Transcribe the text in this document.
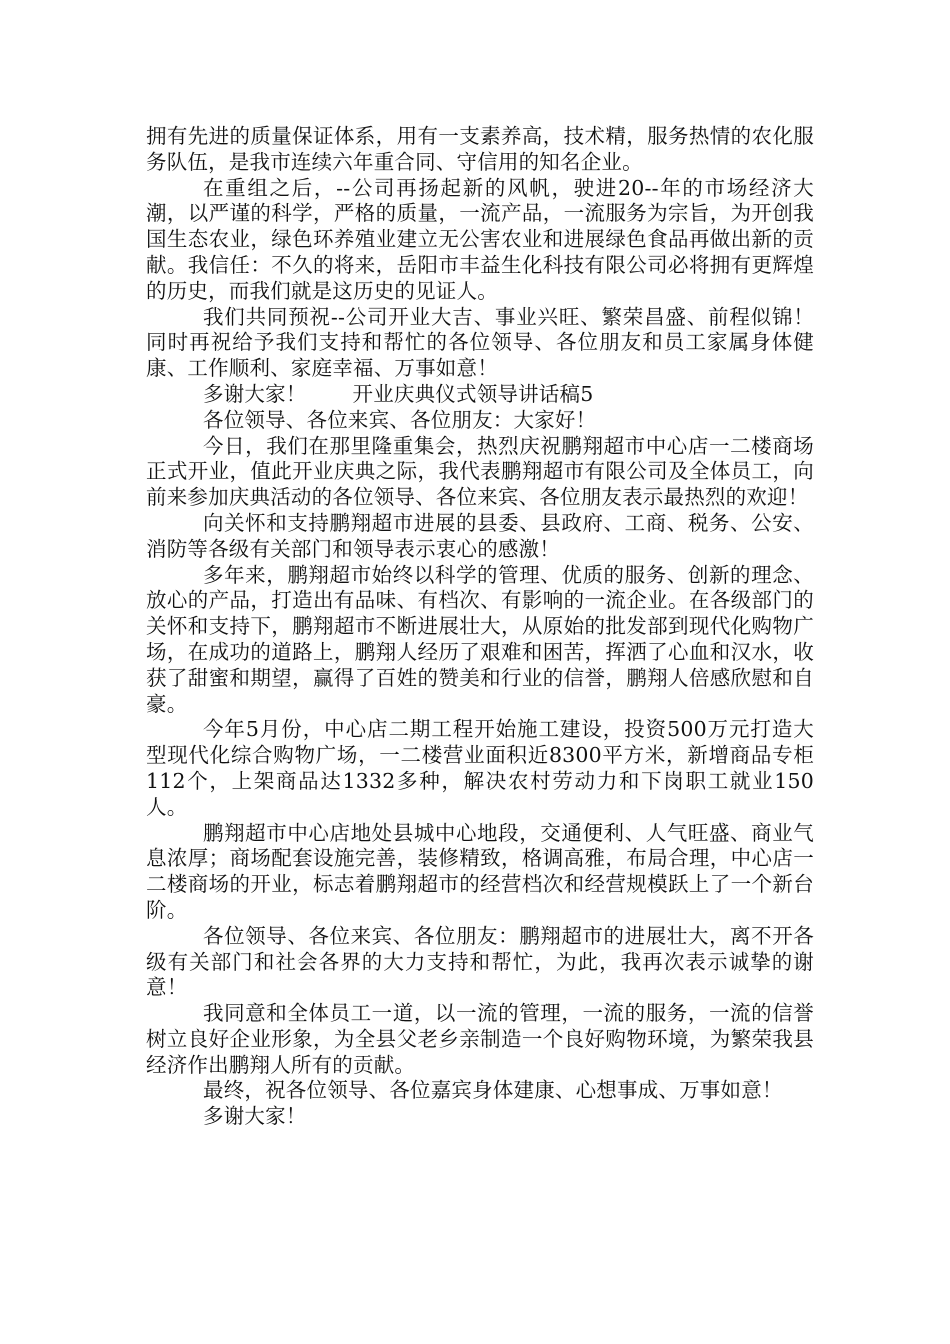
拥有先进的质量保证体系，用有一支素养高，技术精，服务热情的农化服务队伍，是我市连续六年重合同、守信用的知名企业。

在重组之后，--公司再扬起新的风帆，驶进20--年的市场经济大潮，以严谨的科学，严格的质量，一流产品，一流服务为宗旨，为开创我国生态农业，绿色环养殖业建立无公害农业和进展绿色食品再做出新的贡献。我信任：不久的将来，岳阳市丰益生化科技有限公司必将拥有更辉煌的历史，而我们就是这历史的见证人。

我们共同预祝--公司开业大吉、事业兴旺、繁荣昌盛、前程似锦！同时再祝给予我们支持和帮忙的各位领导、各位朋友和员工家属身体健康、工作顺利、家庭幸福、万事如意！

多谢大家！ 开业庆典仪式领导讲话稿5

各位领导、各位来宾、各位朋友：大家好！

今日，我们在那里隆重集会，热烈庆祝鹏翔超市中心店一二楼商场正式开业，值此开业庆典之际，我代表鹏翔超市有限公司及全体员工，向前来参加庆典活动的各位领导、各位来宾、各位朋友表示最热烈的欢迎！

向关怀和支持鹏翔超市进展的县委、县政府、工商、税务、公安、消防等各级有关部门和领导表示衷心的感激！

多年来，鹏翔超市始终以科学的管理、优质的服务、创新的理念、放心的产品，打造出有品味、有档次、有影响的一流企业。在各级部门的关怀和支持下，鹏翔超市不断进展壮大，从原始的批发部到现代化购物广场，在成功的道路上，鹏翔人经历了艰难和困苦，挥洒了心血和汉水，收获了甜蜜和期望，赢得了百姓的赞美和行业的信誉，鹏翔人倍感欣慰和自豪。

今年5月份，中心店二期工程开始施工建设，投资500万元打造大型现代化综合购物广场，一二楼营业面积近8300平方米，新增商品专柜112个，上架商品达1332多种，解决农村劳动力和下岗职工就业150人。

鹏翔超市中心店地处县城中心地段，交通便利、人气旺盛、商业气息浓厚；商场配套设施完善，装修精致，格调高雅，布局合理，中心店一二楼商场的开业，标志着鹏翔超市的经营档次和经营规模跃上了一个新台阶。

各位领导、各位来宾、各位朋友：鹏翔超市的进展壮大，离不开各级有关部门和社会各界的大力支持和帮忙，为此，我再次表示诚挚的谢意！

我同意和全体员工一道，以一流的管理，一流的服务，一流的信誉树立良好企业形象，为全县父老乡亲制造一个良好购物环境，为繁荣我县经济作出鹏翔人所有的贡献。

最终，祝各位领导、各位嘉宾身体建康、心想事成、万事如意！

多谢大家！
